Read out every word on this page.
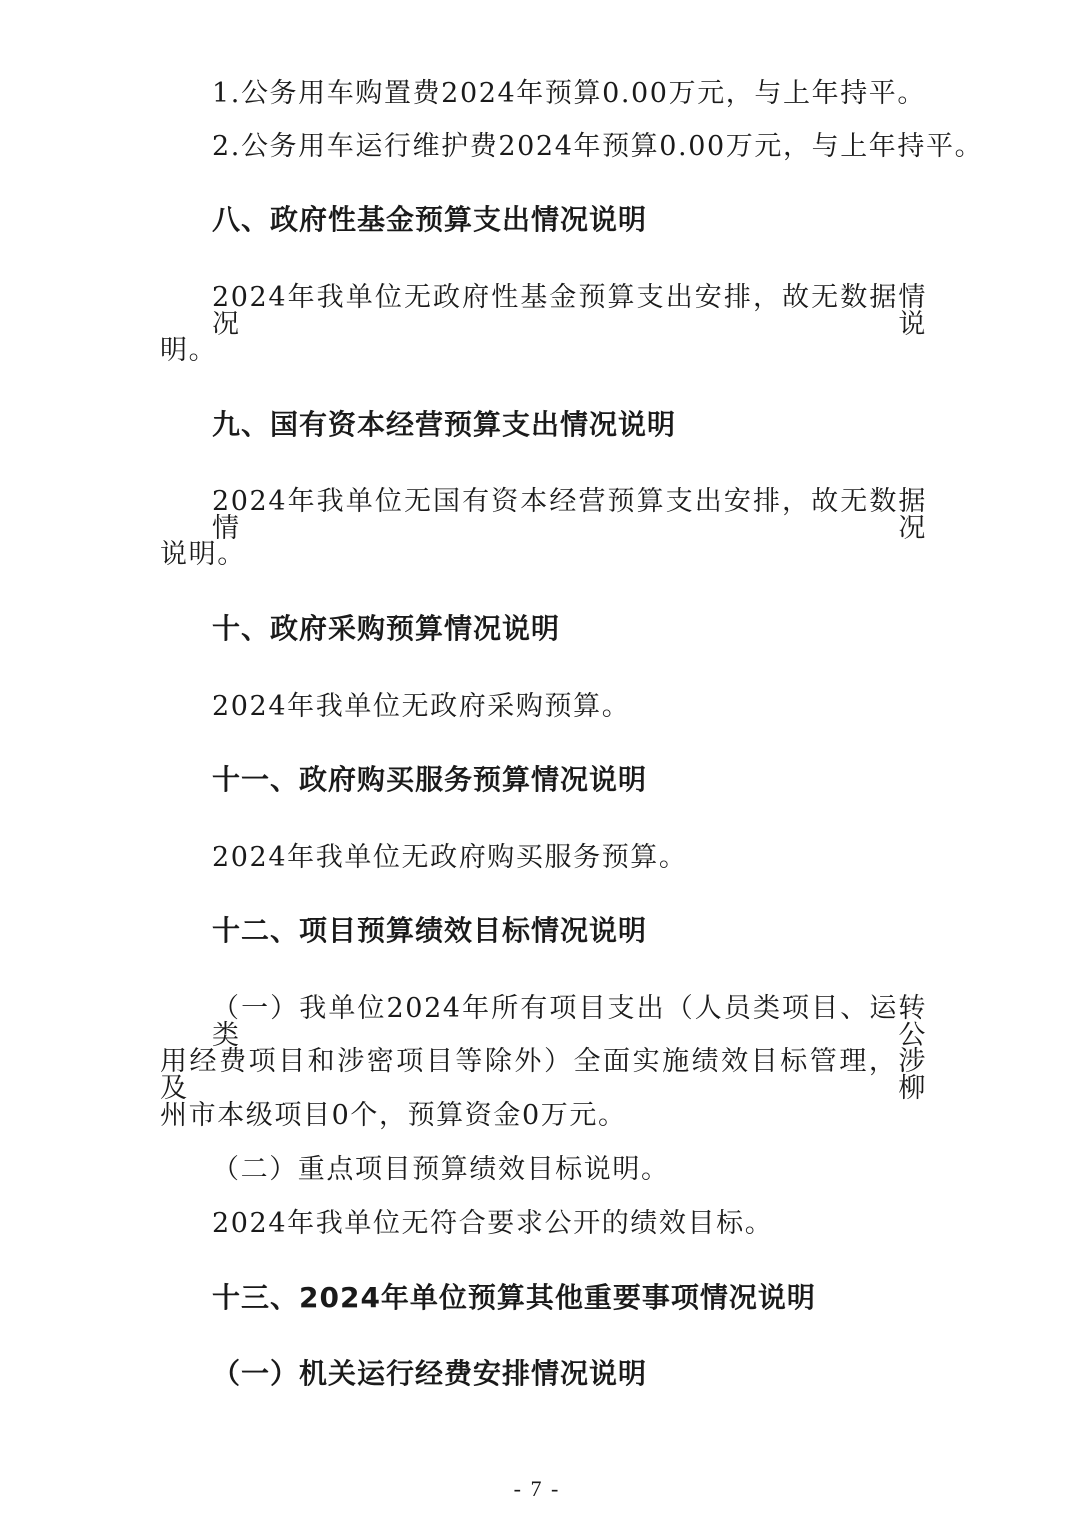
1.公务用车购置费2024年预算0.00万元，与上年持平。
2.公务用车运行维护费2024年预算0.00万元，与上年持平。
八、政府性基金预算支出情况说明
2024年我单位无政府性基金预算支出安排，故无数据情况说
明。
九、国有资本经营预算支出情况说明
2024年我单位无国有资本经营预算支出安排，故无数据情况
说明。
十、政府采购预算情况说明
2024年我单位无政府采购预算。
十一、政府购买服务预算情况说明
2024年我单位无政府购买服务预算。
十二、项目预算绩效目标情况说明
（一）我单位2024年所有项目支出（人员类项目、运转类公
用经费项目和涉密项目等除外）全面实施绩效目标管理，涉及柳
州市本级项目0个，预算资金0万元。
（二）重点项目预算绩效目标说明。
2024年我单位无符合要求公开的绩效目标。
十三、2024年单位预算其他重要事项情况说明
（一）机关运行经费安排情况说明
- 7 -
